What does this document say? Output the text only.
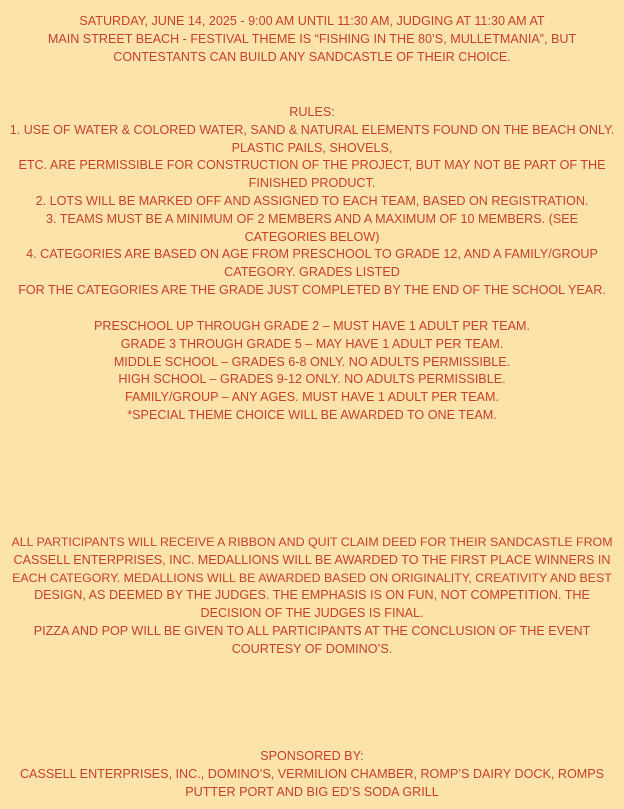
SATURDAY, JUNE 14, 2025 - 9:00 AM UNTIL 11:30 AM, JUDGING AT 11:30 AM AT
MAIN STREET BEACH - FESTIVAL THEME IS “FISHING IN THE 80’S, MULLETMANIA”, BUT
CONTESTANTS CAN BUILD ANY SANDCASTLE OF THEIR CHOICE.
RULES:
1. USE OF WATER & COLORED WATER, SAND & NATURAL ELEMENTS FOUND ON THE BEACH ONLY.
PLASTIC PAILS, SHOVELS,
ETC. ARE PERMISSIBLE FOR CONSTRUCTION OF THE PROJECT, BUT MAY NOT BE PART OF THE
FINISHED PRODUCT.
2. LOTS WILL BE MARKED OFF AND ASSIGNED TO EACH TEAM, BASED ON REGISTRATION.
3. TEAMS MUST BE A MINIMUM OF 2 MEMBERS AND A MAXIMUM OF 10 MEMBERS. (SEE
CATEGORIES BELOW)
4. CATEGORIES ARE BASED ON AGE FROM PRESCHOOL TO GRADE 12, AND A FAMILY/GROUP
CATEGORY. GRADES LISTED
FOR THE CATEGORIES ARE THE GRADE JUST COMPLETED BY THE END OF THE SCHOOL YEAR.
PRESCHOOL UP THROUGH GRADE 2 – MUST HAVE 1 ADULT PER TEAM.
GRADE 3 THROUGH GRADE 5 – MAY HAVE 1 ADULT PER TEAM.
MIDDLE SCHOOL – GRADES 6-8 ONLY. NO ADULTS PERMISSIBLE.
HIGH SCHOOL – GRADES 9-12 ONLY. NO ADULTS PERMISSIBLE.
FAMILY/GROUP – ANY AGES. MUST HAVE 1 ADULT PER TEAM.
*SPECIAL THEME CHOICE WILL BE AWARDED TO ONE TEAM.
ALL PARTICIPANTS WILL RECEIVE A RIBBON AND QUIT CLAIM DEED FOR THEIR SANDCASTLE FROM
CASSELL ENTERPRISES, INC. MEDALLIONS WILL BE AWARDED TO THE FIRST PLACE WINNERS IN
EACH CATEGORY. MEDALLIONS WILL BE AWARDED BASED ON ORIGINALITY, CREATIVITY AND BEST
DESIGN, AS DEEMED BY THE JUDGES. THE EMPHASIS IS ON FUN, NOT COMPETITION. THE
DECISION OF THE JUDGES IS FINAL.
PIZZA AND POP WILL BE GIVEN TO ALL PARTICIPANTS AT THE CONCLUSION OF THE EVENT
COURTESY OF DOMINO’S.
SPONSORED BY:
CASSELL ENTERPRISES, INC., DOMINO’S, VERMILION CHAMBER, ROMP’S DAIRY DOCK, ROMPS
PUTTER PORT AND BIG ED’S SODA GRILL
